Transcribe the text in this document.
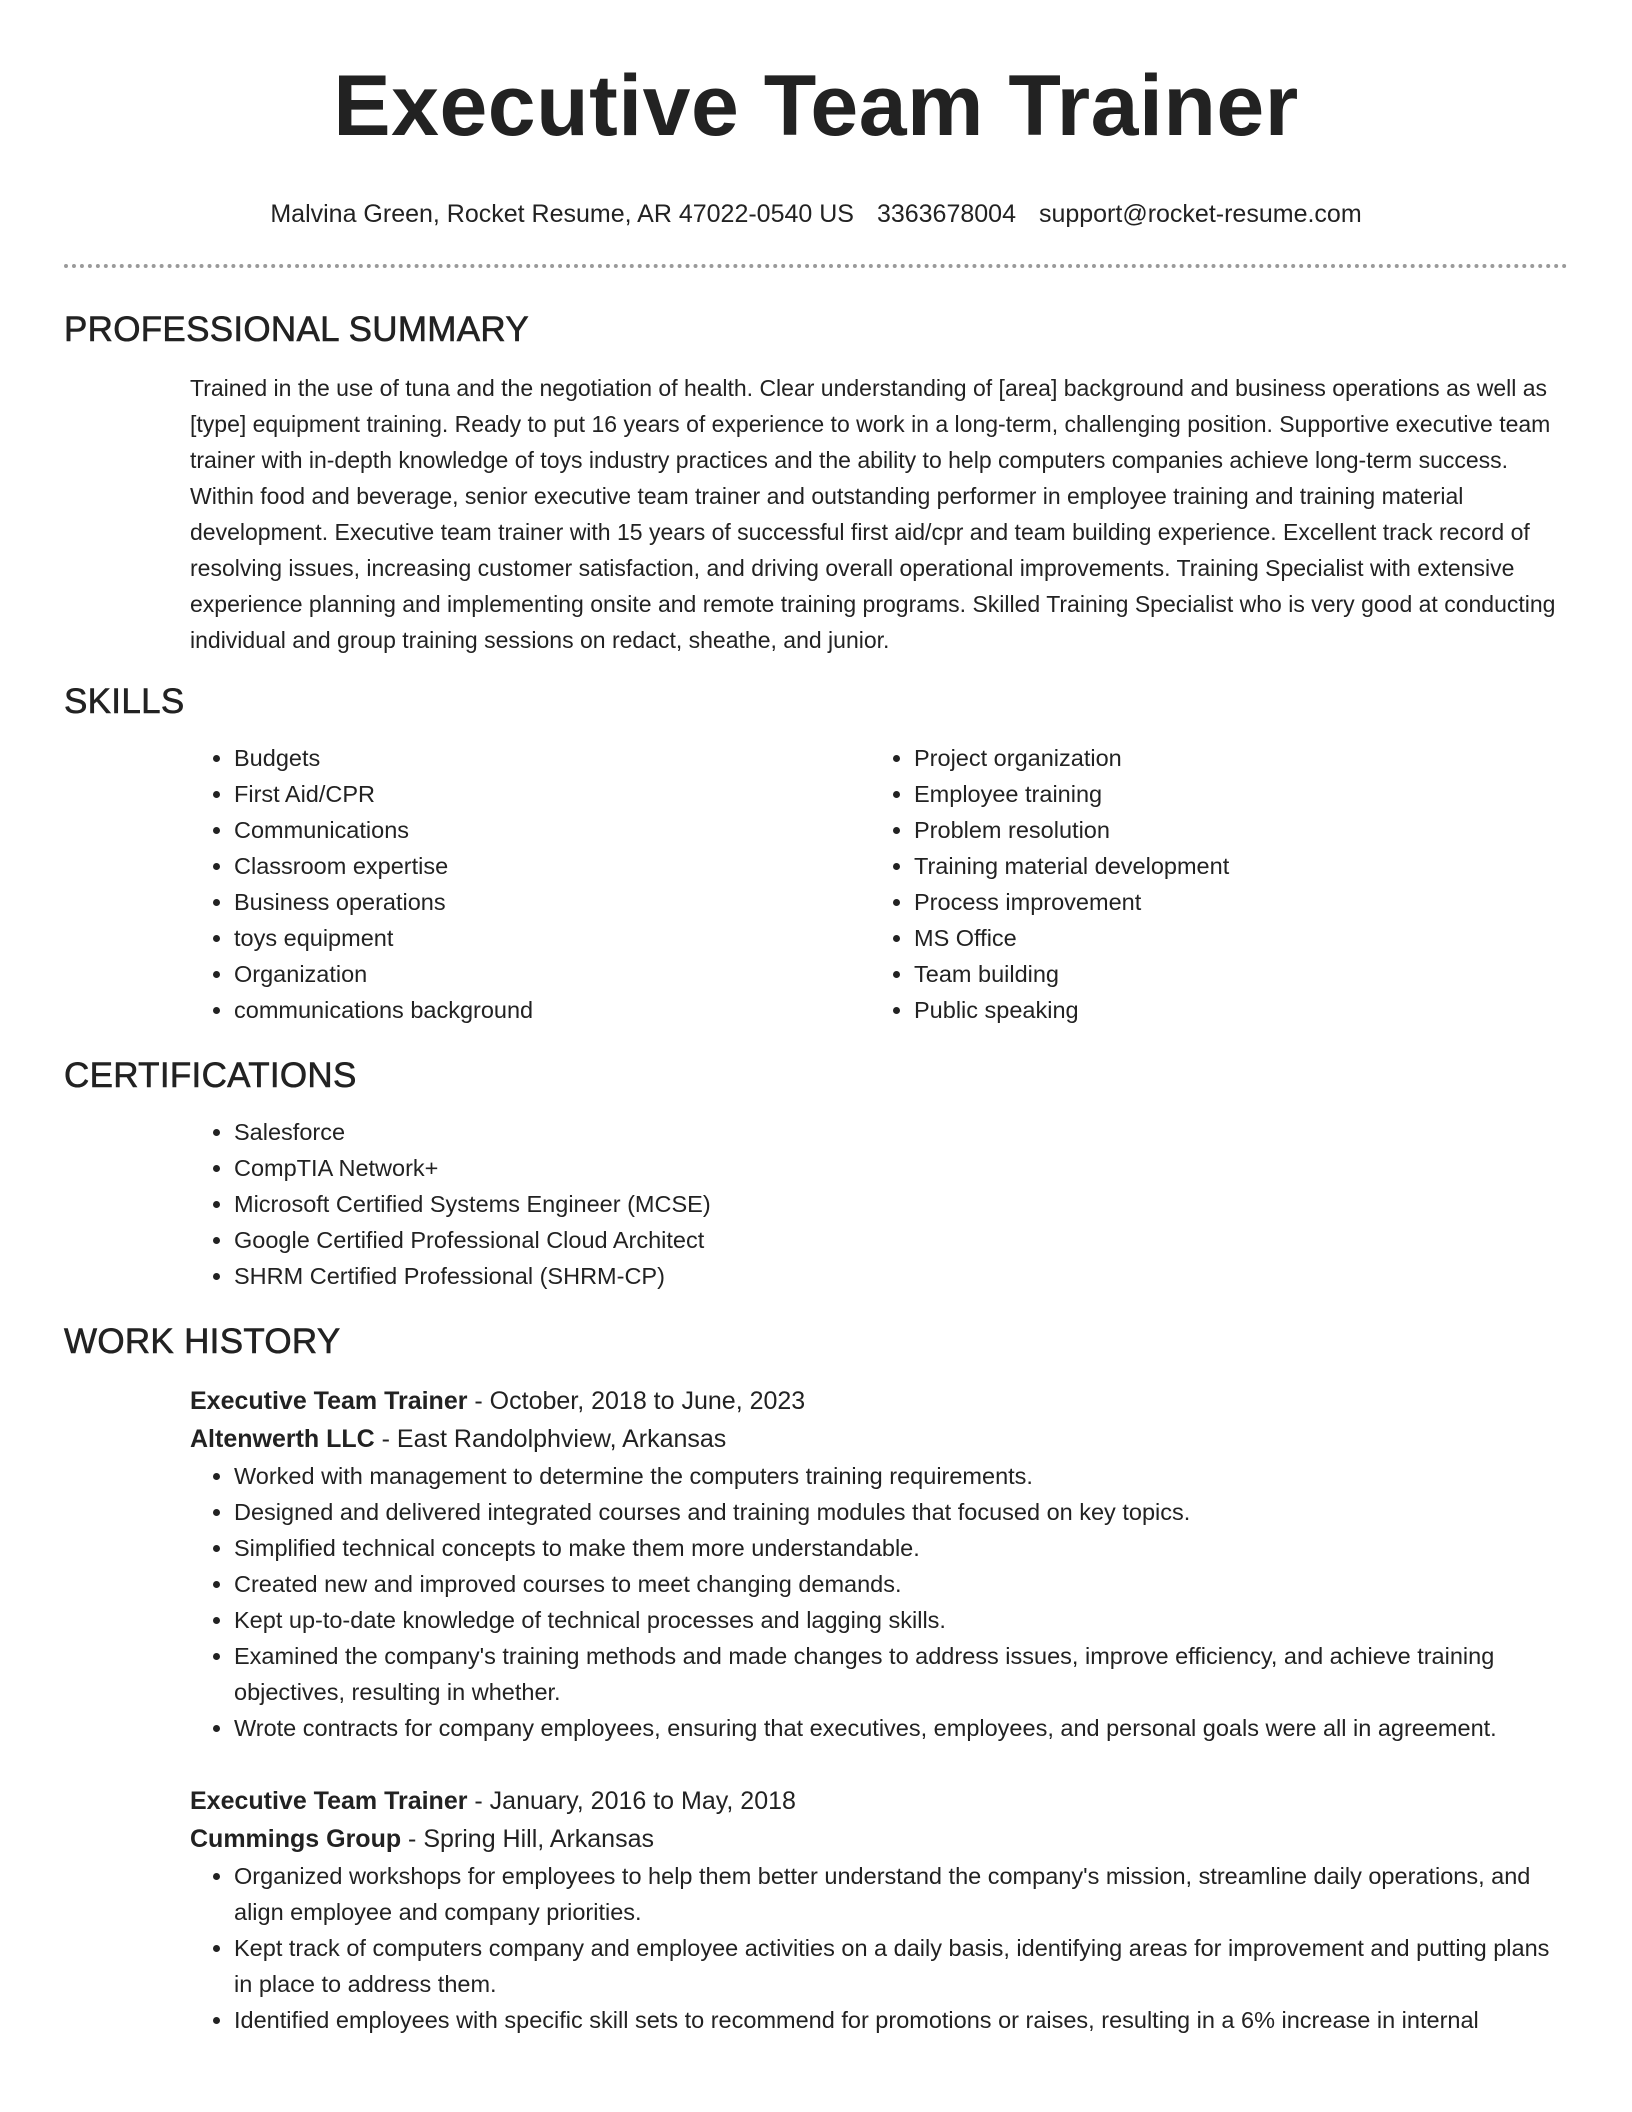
Executive Team Trainer
Malvina Green, Rocket Resume, AR 47022-0540 US 3363678004 support@rocket-resume.com
PROFESSIONAL SUMMARY

Trained in the use of tuna and the negotiation of health. Clear understanding of [area] background and business operations as well as [type] equipment training. Ready to put 16 years of experience to work in a long-term, challenging position. Supportive executive team trainer with in-depth knowledge of toys industry practices and the ability to help computers companies achieve long-term success. Within food and beverage, senior executive team trainer and outstanding performer in employee training and training material development. Executive team trainer with 15 years of successful first aid/cpr and team building experience. Excellent track record of resolving issues, increasing customer satisfaction, and driving overall operational improvements. Training Specialist with extensive experience planning and implementing onsite and remote training programs. Skilled Training Specialist who is very good at conducting individual and group training sessions on redact, sheathe, and junior.

SKILLS
• Budgets
• First Aid/CPR
• Communications
• Classroom expertise
• Business operations
• toys equipment
• Organization
• communications background
• Project organization
• Employee training
• Problem resolution
• Training material development
• Process improvement
• MS Office
• Team building
• Public speaking
CERTIFICATIONS
• Salesforce
• CompTIA Network+
• Microsoft Certified Systems Engineer (MCSE)
• Google Certified Professional Cloud Architect
• SHRM Certified Professional (SHRM-CP)
WORK HISTORY
Executive Team Trainer - October, 2018 to June, 2023
Altenwerth LLC - East Randolphview, Arkansas
• Worked with management to determine the computers training requirements.
• Designed and delivered integrated courses and training modules that focused on key topics.
• Simplified technical concepts to make them more understandable.
• Created new and improved courses to meet changing demands.
• Kept up-to-date knowledge of technical processes and lagging skills.
• Examined the company's training methods and made changes to address issues, improve efficiency, and achieve training objectives, resulting in whether.
• Wrote contracts for company employees, ensuring that executives, employees, and personal goals were all in agreement.
Executive Team Trainer - January, 2016 to May, 2018
Cummings Group - Spring Hill, Arkansas
• Organized workshops for employees to help them better understand the company's mission, streamline daily operations, and align employee and company priorities.
• Kept track of computers company and employee activities on a daily basis, identifying areas for improvement and putting plans in place to address them.
• Identified employees with specific skill sets to recommend for promotions or raises, resulting in a 6% increase in internal
